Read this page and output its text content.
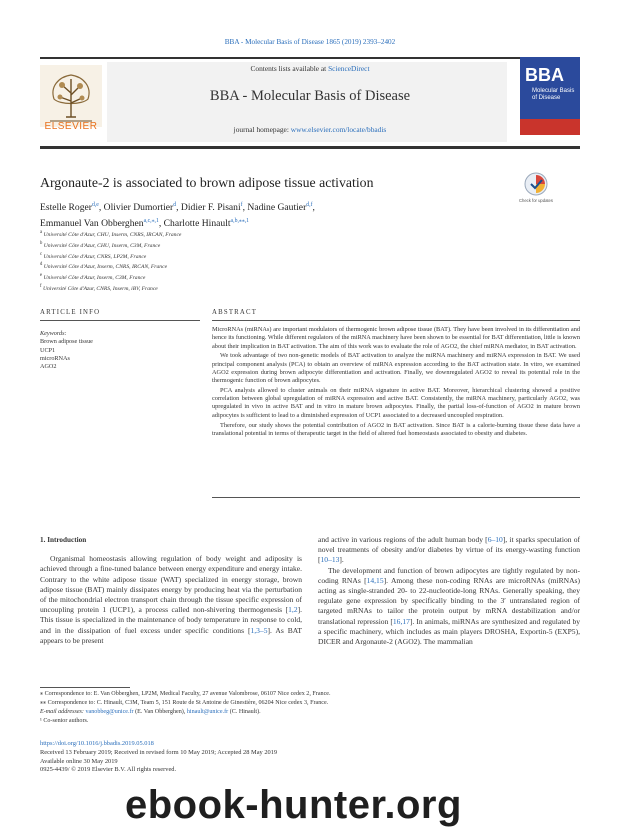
BBA - Molecular Basis of Disease 1865 (2019) 2393–2402
ELSEVIER
Contents lists available at ScienceDirect
BBA - Molecular Basis of Disease
journal homepage: www.elsevier.com/locate/bbadis
BBA
Molecular Basis of Disease
Argonaute-2 is associated to brown adipose tissue activation
Check for updates
Estelle Roger$^{d,e}$, Olivier Dumortier$^d$, Didier F. Pisani$^f$, Nadine Gautier$^{d,f}$,
Emmanuel Van Obberghen$^{a,c,⁎,1}$, Charlotte Hinault$^{a,b,⁎⁎,1}$
$^a$ Université Côte d'Azur, CHU, Inserm, CNRS, IRCAN, France
$^b$ Université Côte d'Azur, CHU, Inserm, C3M, France
$^c$ Université Côte d'Azur, CNRS, LP2M, France
$^d$ Université Côte d'Azur, Inserm, CNRS, IRCAN, France
$^e$ Université Côte d'Azur, Inserm, C3M, France
$^f$ Université Côte d'Azur, CNRS, Inserm, iBV, France
ARTICLE INFO	ABSTRACT
Keywords:
Brown adipose tissue
UCP1
microRNAs
AGO2

MicroRNAs (miRNAs) are important modulators of thermogenic brown adipose tissue (BAT). They have been involved in its differentiation and hence its functioning. While different regulators of the miRNA machinery have been shown to be essential for BAT differentiation, little is known about their implication in BAT activation. The aim of this work was to evaluate the role of AGO2, the chief miRNA mediator, in BAT activation.

We took advantage of two non-genetic models of BAT activation to analyze the miRNA machinery and miRNA expression in BAT. We used principal component analysis (PCA) to obtain an overview of miRNA expression according to the BAT activation state. In vitro, we examined AGO2 expression during brown adipocyte differentiation and activation. Finally, we downregulated AGO2 to reveal its potential role in the thermogenic function of brown adipocytes.

PCA analysis allowed to cluster animals on their miRNA signature in active BAT. Moreover, hierarchical clustering showed a positive correlation between global upregulation of miRNA expression and active BAT. Consistently, the miRNA machinery, particularly AGO2, was upregulated in vivo in active BAT and in vitro in mature brown adipocytes. Finally, the partial loss-of-function of AGO2 in mature brown adipocytes is sufficient to lead to a diminished expression of UCP1 associated to a decreased uncoupled respiration.

Therefore, our study shows the potential contribution of AGO2 in BAT activation. Since BAT is a calorie-burning tissue these data have a translational potential in terms of therapeutic target in the field of altered fuel homeostasis associated to obesity and diabetes.

1. Introduction

Organismal homeostasis allowing regulation of body weight and adiposity is achieved through a fine-tuned balance between energy expenditure and energy intake. Contrary to the white adipose tissue (WAT) specialized in energy storage, brown adipose tissue (BAT) mainly dissipates energy by producing heat via the perturbation of the mitochondrial electron transport chain through the tissue specific expression of uncoupling protein 1 (UCP1), a process called non-shivering thermogenesis [1,2]. This tissue is specialized in the maintenance of body temperature in response to cold, and in the dissipation of fuel excess under specific conditions [1,3–5]. As BAT appears to be present

and active in various regions of the adult human body [6–10], it sparks speculation of novel treatments of obesity and/or diabetes by virtue of its energy-wasting function [10–13].

The development and function of brown adipocytes are tightly regulated by non-coding RNAs [14,15]. Among these non-coding RNAs are microRNAs (miRNAs) acting as single-stranded 20- to 22-nucleotide-long RNAs. Generally speaking, they regulate gene expression by specifically binding to the 3′ untranslated region of targeted mRNAs to tailor the protein output by mRNA destabilization and/or translational repression [16,17]. In animals, miRNAs are synthesized and regulated by a specific machinery, which includes as main players DROSHA, Exportin-5 (EXP5), DICER and Argonaute-2 (AGO2). The mammalian

⁎ Correspondence to: E. Van Obberghen, LP2M, Medical Faculty, 27 avenue Valombrose, 06107 Nice cedex 2, France.
⁎⁎ Correspondence to: C. Hinault, C3M, Team 5, 151 Route de St Antoine de Ginestière, 06204 Nice cedex 3, France.
E-mail addresses: vanobbeg@unice.fr (E. Van Obberghen), hinault@unice.fr (C. Hinault).
¹ Co-senior authors.
https://doi.org/10.1016/j.bbadis.2019.05.018
Received 13 February 2019; Received in revised form 10 May 2019; Accepted 28 May 2019
Available online 30 May 2019
0925-4439/ © 2019 Elsevier B.V. All rights reserved.
ebook-hunter.org
